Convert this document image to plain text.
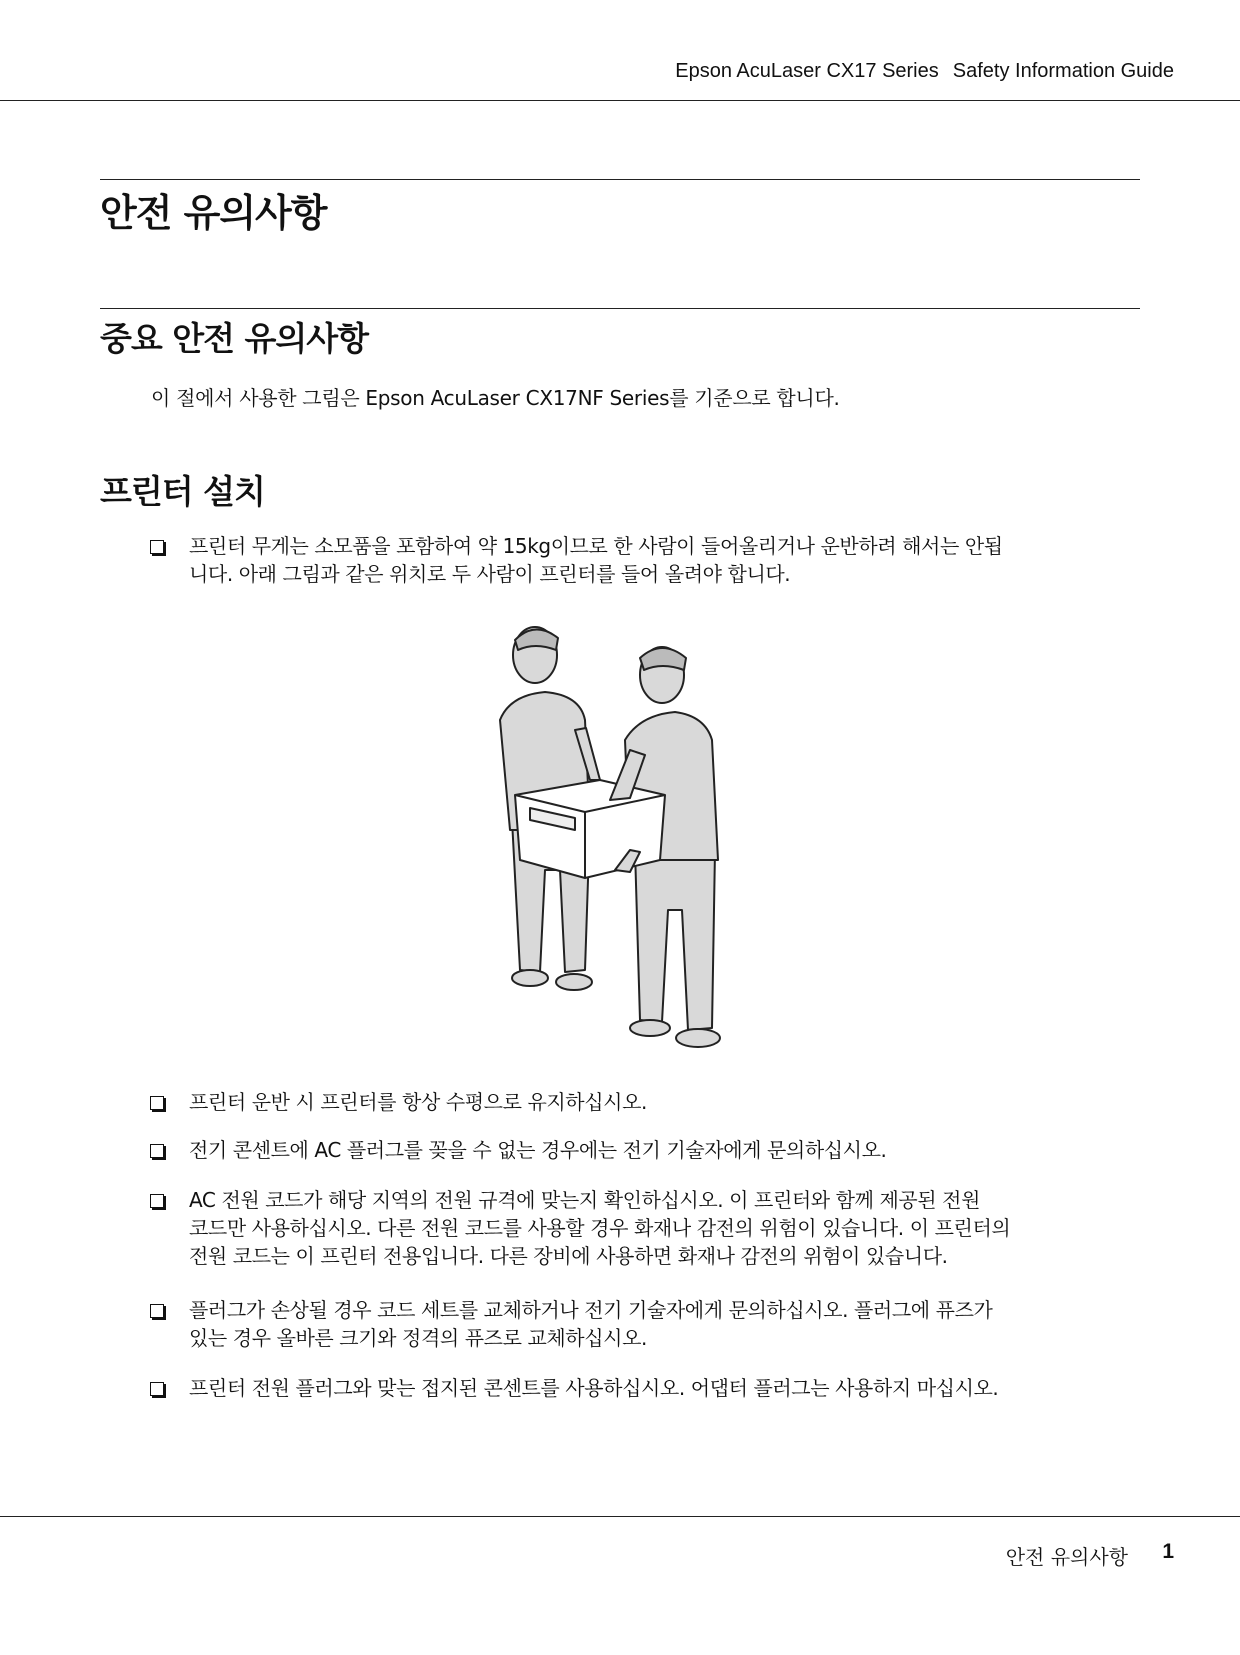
Epson AcuLaser CX17 Series Safety Information Guide
안전 유의사항
중요 안전 유의사항

이 절에서 사용한 그림은 Epson AcuLaser CX17NF Series를 기준으로 합니다.

프린터 설치

프린터 무게는 소모품을 포함하여 약 15kg이므로 한 사람이 들어올리거나 운반하려 해서는 안됩
니다. 아래 그림과 같은 위치로 두 사람이 프린터를 들어 올려야 합니다.

프린터 운반 시 프린터를 항상 수평으로 유지하십시오.

전기 콘센트에 AC 플러그를 꽂을 수 없는 경우에는 전기 기술자에게 문의하십시오.

AC 전원 코드가 해당 지역의 전원 규격에 맞는지 확인하십시오. 이 프린터와 함께 제공된 전원
코드만 사용하십시오. 다른 전원 코드를 사용할 경우 화재나 감전의 위험이 있습니다. 이 프린터의
전원 코드는 이 프린터 전용입니다. 다른 장비에 사용하면 화재나 감전의 위험이 있습니다.

플러그가 손상될 경우 코드 세트를 교체하거나 전기 기술자에게 문의하십시오. 플러그에 퓨즈가
있는 경우 올바른 크기와 정격의 퓨즈로 교체하십시오.

프린터 전원 플러그와 맞는 접지된 콘센트를 사용하십시오. 어댑터 플러그는 사용하지 마십시오.

안전 유의사항 1
